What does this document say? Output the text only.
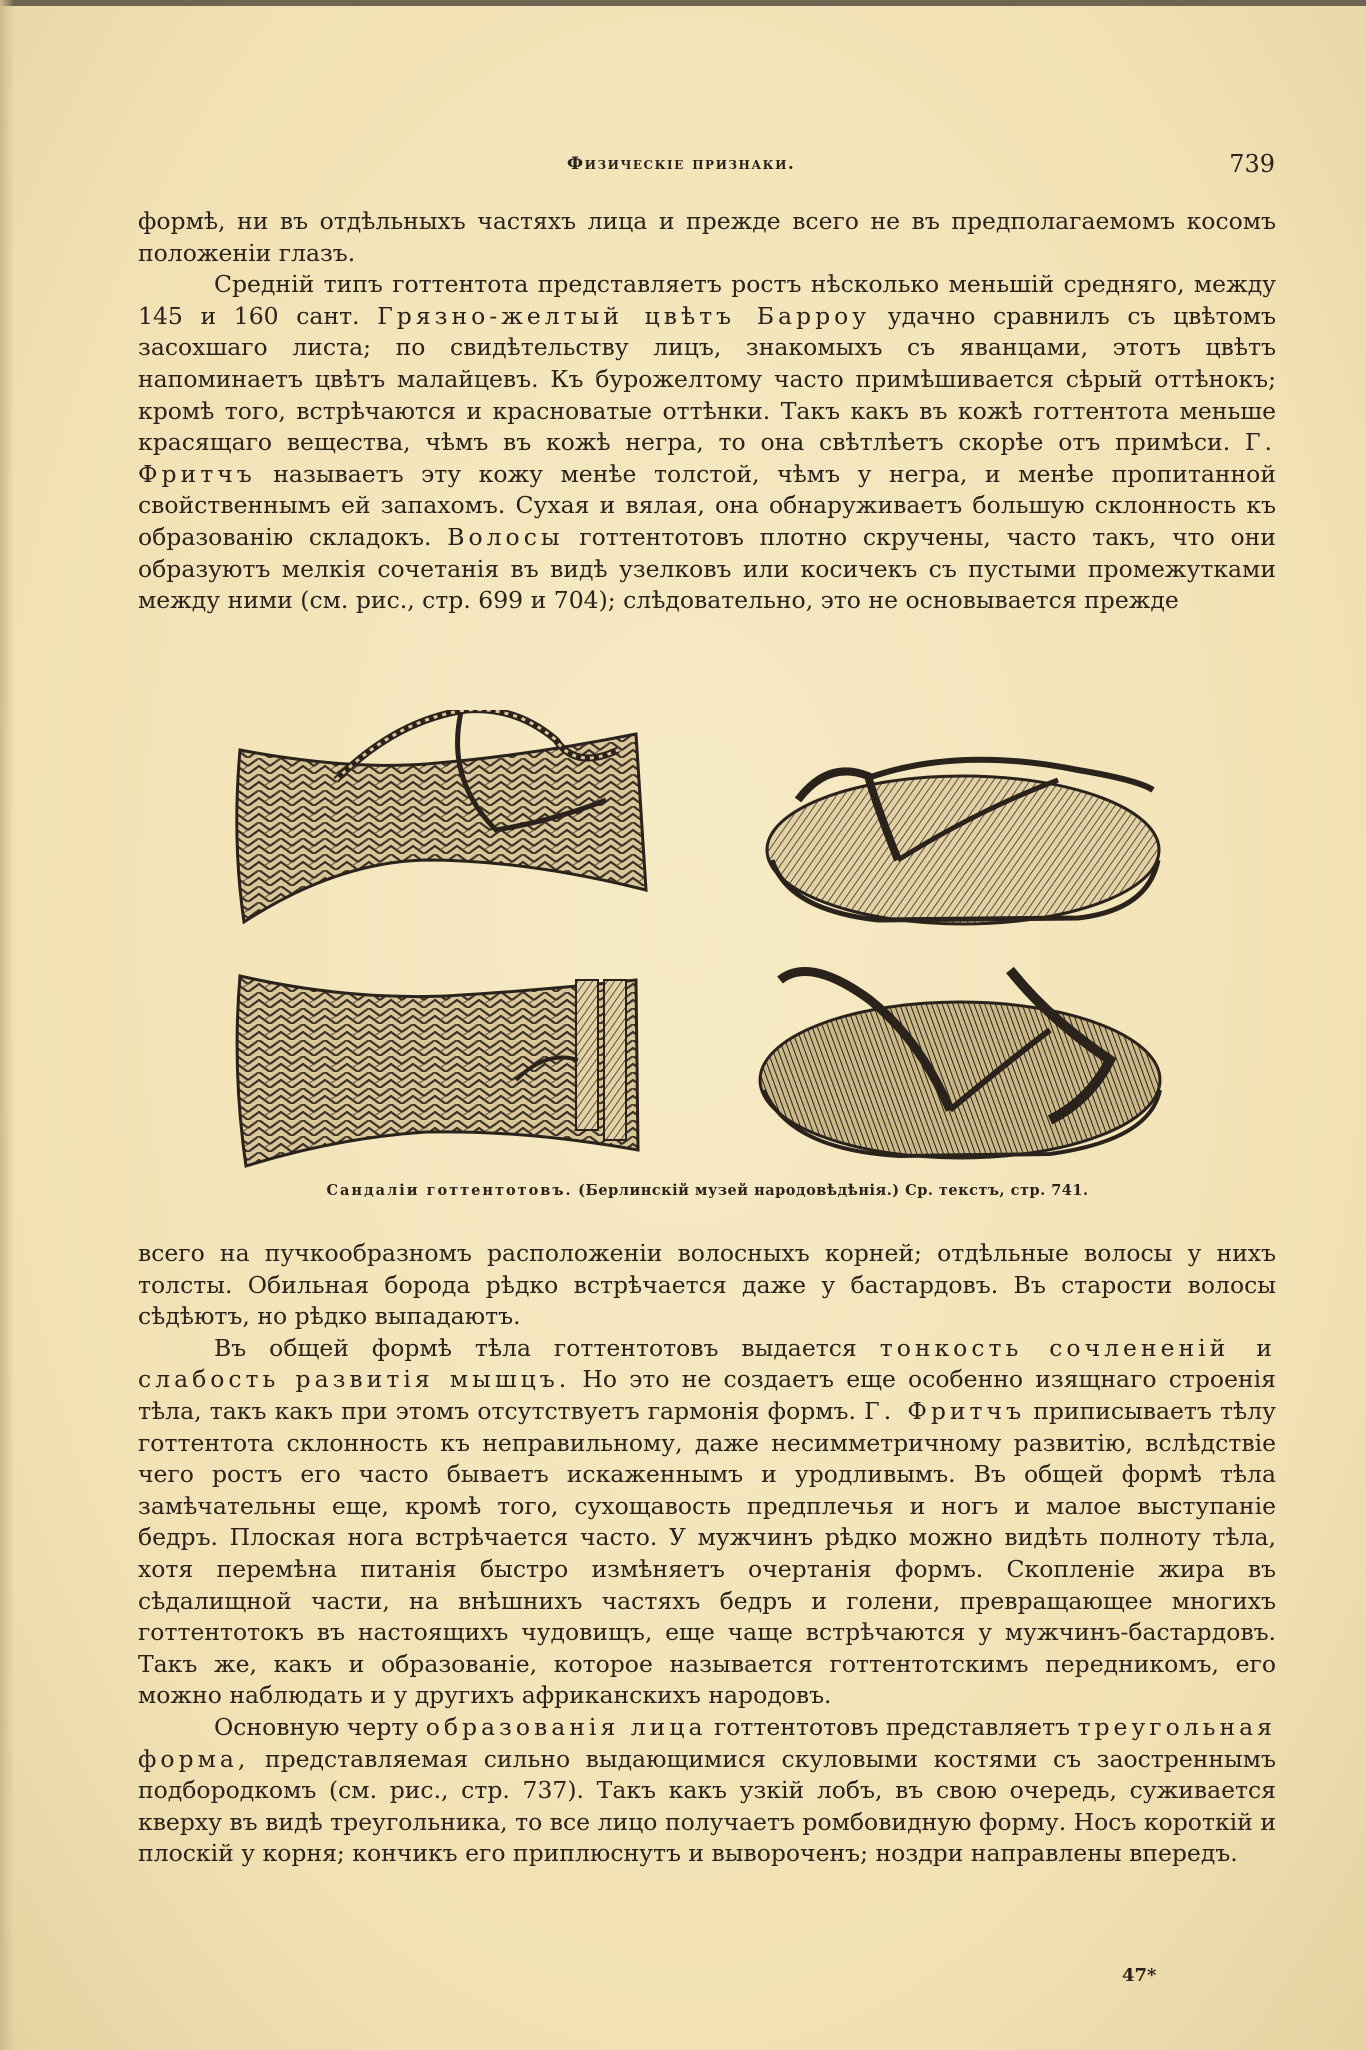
Физическiе признаки.	739

формѣ, ни въ отдѣльныхъ частяхъ лица и прежде всего не въ предполагаемомъ косомъ положенiи глазъ.

Среднiй типъ готтентота представляетъ ростъ нѣсколько меньшiй средняго, между 145 и 160 сант. Грязно-желтый цвѣтъ Барроу удачно сравнилъ съ цвѣтомъ засохшаго листа; по свидѣтельству лицъ, знакомыхъ съ яванцами, этотъ цвѣтъ напоминаетъ цвѣтъ малайцевъ. Къ бурожелтому часто примѣшивается сѣрый оттѣнокъ; кромѣ того, встрѣчаются и красноватые оттѣнки. Такъ какъ въ кожѣ готтентота меньше красящаго вещества, чѣмъ въ кожѣ негра, то она свѣтлѣетъ скорѣе отъ примѣси. Г. Фритчъ называетъ эту кожу менѣе толстой, чѣмъ у негра, и менѣе пропитанной свойственнымъ ей запахомъ. Сухая и вялая, она обнаруживаетъ большую склонность къ образованiю складокъ. Волосы готтентотовъ плотно скручены, часто такъ, что они образуютъ мелкiя сочетанiя въ видѣ узелковъ или косичекъ съ пустыми промежутками между ними (см. рис., стр. 699 и 704); слѣдовательно, это не основывается прежде

Сандалiи готтентотовъ. (Берлинскiй музей народовѣдѣнiя.) Ср. текстъ, стр. 741.

всего на пучкообразномъ расположенiи волосныхъ корней; отдѣльные волосы у нихъ толсты. Обильная борода рѣдко встрѣчается даже у бастардовъ. Въ старости волосы сѣдѣютъ, но рѣдко выпадаютъ.

Въ общей формѣ тѣла готтентотовъ выдается тонкость сочлененiй и слабость развитiя мышцъ. Но это не создаетъ еще особенно изящнаго строенiя тѣла, такъ какъ при этомъ отсутствуетъ гармонiя формъ. Г. Фритчъ приписываетъ тѣлу готтентота склонность къ неправильному, даже несимметричному развитiю, вслѣдствiе чего ростъ его часто бываетъ искаженнымъ и уродливымъ. Въ общей формѣ тѣла замѣчательны еще, кромѣ того, сухощавость предплечья и ногъ и малое выступанiе бедръ. Плоская нога встрѣчается часто. У мужчинъ рѣдко можно видѣть полноту тѣла, хотя перемѣна питанiя быстро измѣняетъ очертанiя формъ. Скопленiе жира въ сѣдалищной части, на внѣшнихъ частяхъ бедръ и голени, превращающее многихъ готтентотокъ въ настоящихъ чудовищъ, еще чаще встрѣчаются у мужчинъ-бастардовъ. Такъ же, какъ и образованiе, которое называется готтентотскимъ передникомъ, его можно наблюдать и у другихъ африканскихъ народовъ.

Основную черту образованiя лица готтентотовъ представляетъ треугольная форма, представляемая сильно выдающимися скуловыми костями съ заостреннымъ подбородкомъ (см. рис., стр. 737). Такъ какъ узкiй лобъ, въ свою очередь, суживается кверху въ видѣ треугольника, то все лицо получаетъ ромбовидную форму. Носъ короткiй и плоскiй у корня; кончикъ его приплюснутъ и вывороченъ; ноздри направлены впередъ.

47*
